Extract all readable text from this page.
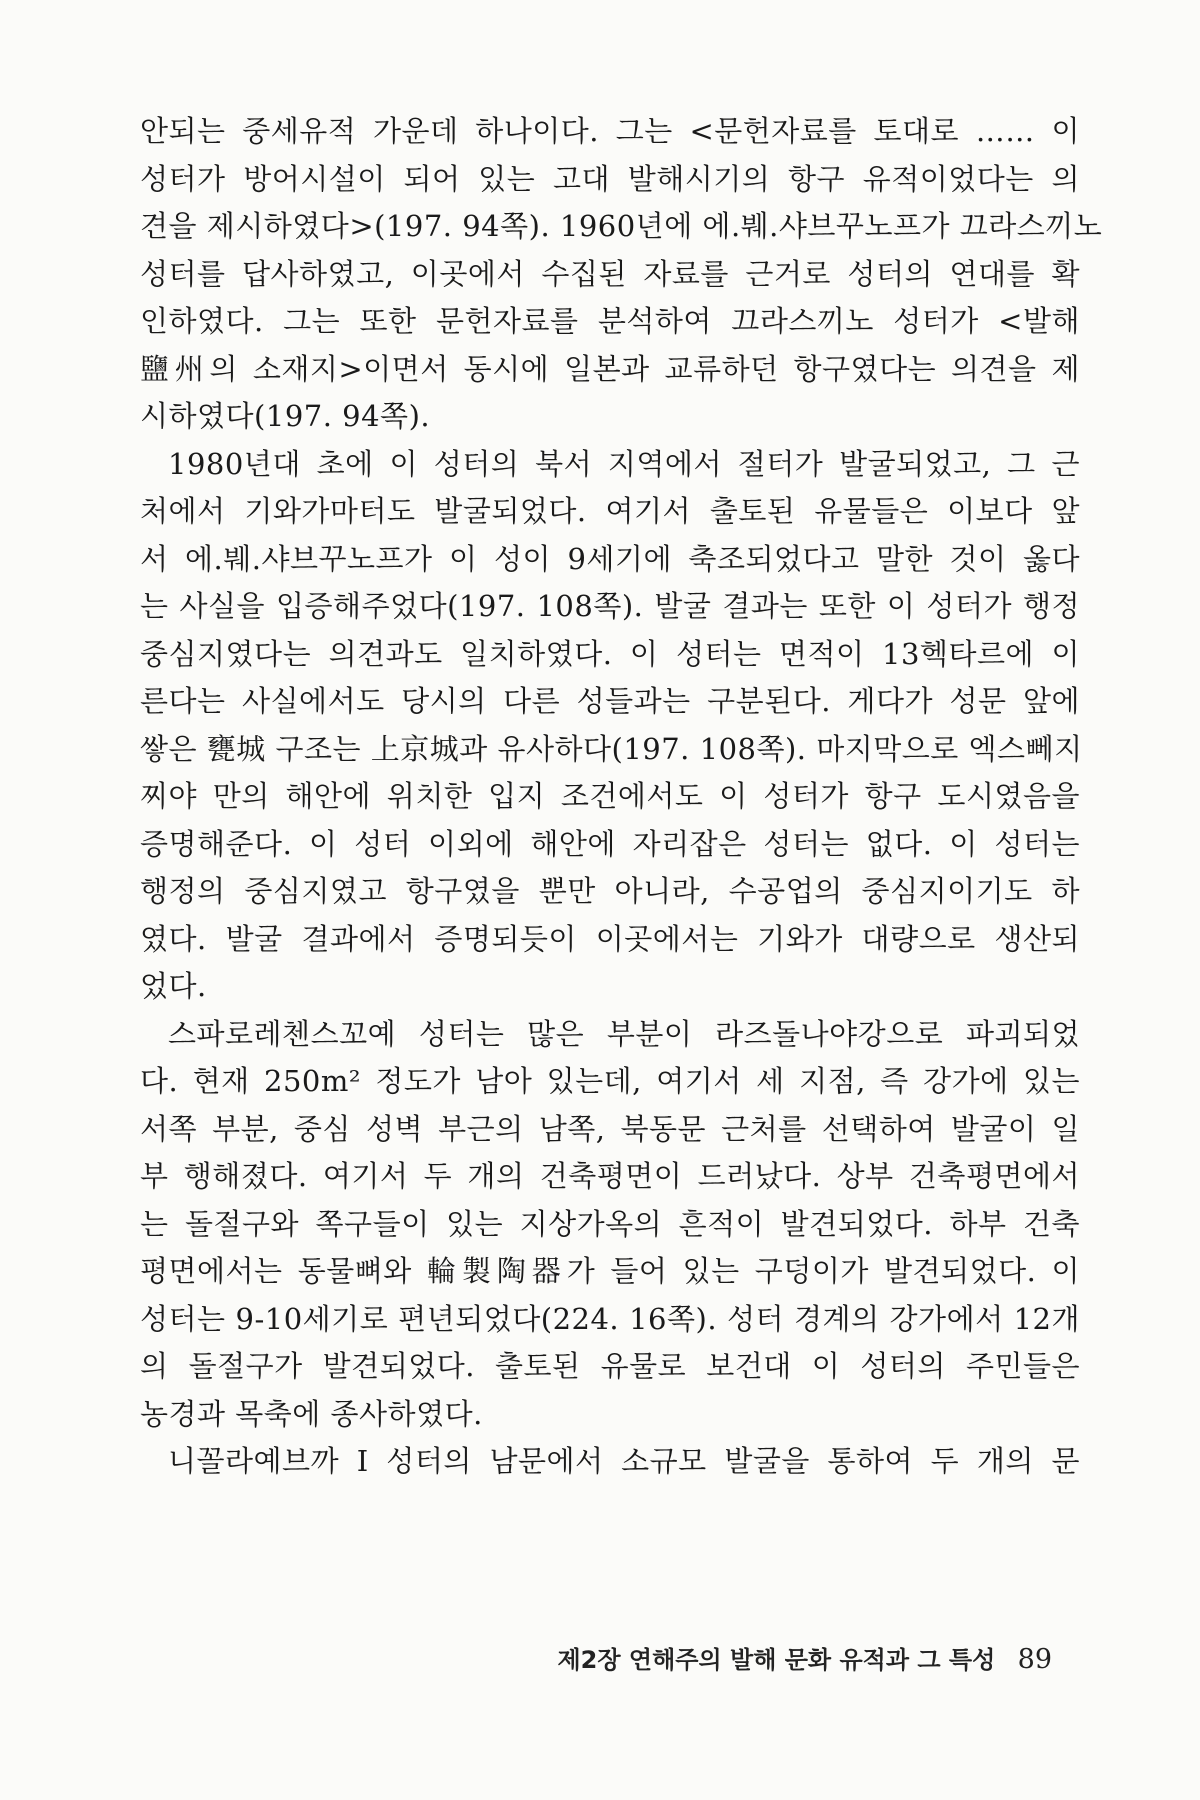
안되는 중세유적 가운데 하나이다. 그는 <문헌자료를 토대로 …… 이
성터가 방어시설이 되어 있는 고대 발해시기의 항구 유적이었다는 의
견을 제시하였다>(197. 94쪽). 1960년에 에.붸.샤브꾸노프가 끄라스끼노
성터를 답사하였고, 이곳에서 수집된 자료를 근거로 성터의 연대를 확
인하였다. 그는 또한 문헌자료를 분석하여 끄라스끼노 성터가 <발해
鹽州의 소재지>이면서 동시에 일본과 교류하던 항구였다는 의견을 제
시하였다(197. 94쪽).
1980년대 초에 이 성터의 북서 지역에서 절터가 발굴되었고, 그 근
처에서 기와가마터도 발굴되었다. 여기서 출토된 유물들은 이보다 앞
서 에.붸.샤브꾸노프가 이 성이 9세기에 축조되었다고 말한 것이 옳다
는 사실을 입증해주었다(197. 108쪽). 발굴 결과는 또한 이 성터가 행정
중심지였다는 의견과도 일치하였다. 이 성터는 면적이 13헥타르에 이
른다는 사실에서도 당시의 다른 성들과는 구분된다. 게다가 성문 앞에
쌓은 甕城 구조는 上京城과 유사하다(197. 108쪽). 마지막으로 엑스뻬지
찌야 만의 해안에 위치한 입지 조건에서도 이 성터가 항구 도시였음을
증명해준다. 이 성터 이외에 해안에 자리잡은 성터는 없다. 이 성터는
행정의 중심지였고 항구였을 뿐만 아니라, 수공업의 중심지이기도 하
였다. 발굴 결과에서 증명되듯이 이곳에서는 기와가 대량으로 생산되
었다.
스파로레첸스꼬예 성터는 많은 부분이 라즈돌나야강으로 파괴되었
다. 현재 250m² 정도가 남아 있는데, 여기서 세 지점, 즉 강가에 있는
서쪽 부분, 중심 성벽 부근의 남쪽, 북동문 근처를 선택하여 발굴이 일
부 행해졌다. 여기서 두 개의 건축평면이 드러났다. 상부 건축평면에서
는 돌절구와 쪽구들이 있는 지상가옥의 흔적이 발견되었다. 하부 건축
평면에서는 동물뼈와 輪製陶器가 들어 있는 구덩이가 발견되었다. 이
성터는 9-10세기로 편년되었다(224. 16쪽). 성터 경계의 강가에서 12개
의 돌절구가 발견되었다. 출토된 유물로 보건대 이 성터의 주민들은
농경과 목축에 종사하였다.
니꼴라예브까 I 성터의 남문에서 소규모 발굴을 통하여 두 개의 문
제2장 연해주의 발해 문화 유적과 그 특성 89
